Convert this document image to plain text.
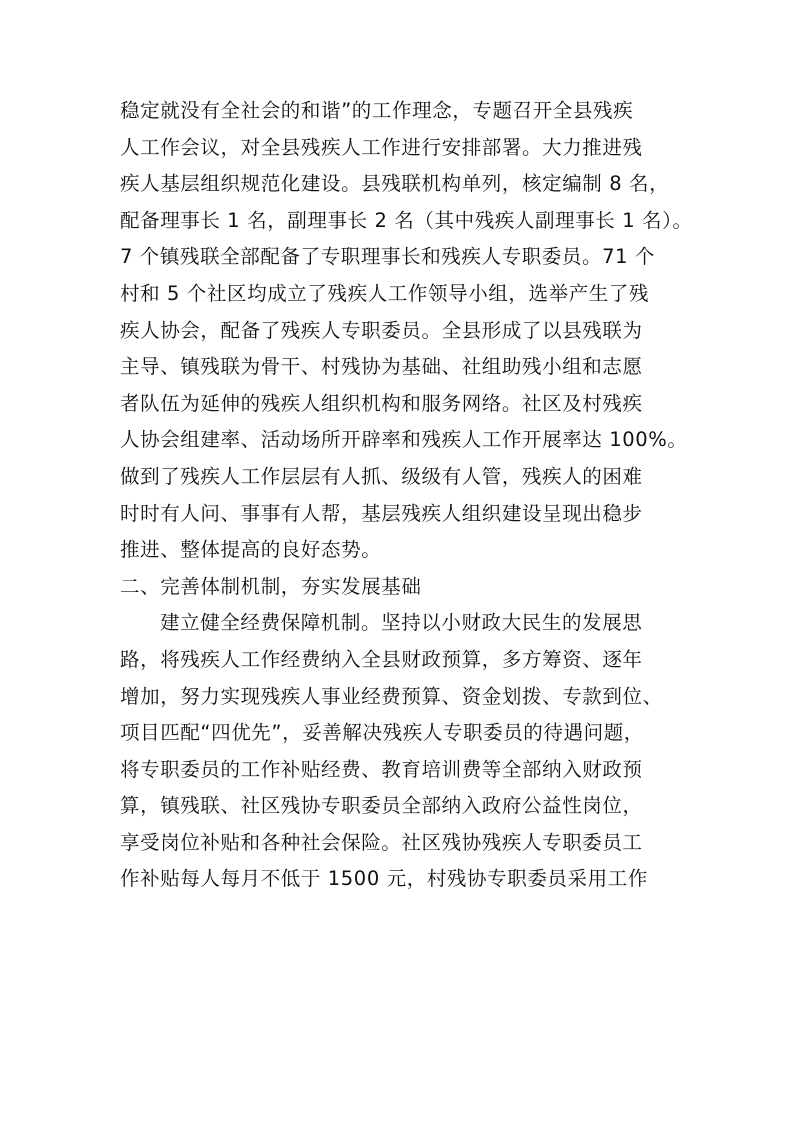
稳定就没有全社会的和谐”的工作理念，专题召开全县残疾
人工作会议，对全县残疾人工作进行安排部署。大力推进残
疾人基层组织规范化建设。县残联机构单列，核定编制 8 名，
配备理事长 1 名，副理事长 2 名（其中残疾人副理事长 1 名）。
7 个镇残联全部配备了专职理事长和残疾人专职委员。71 个
村和 5 个社区均成立了残疾人工作领导小组，选举产生了残
疾人协会，配备了残疾人专职委员。全县形成了以县残联为
主导、镇残联为骨干、村残协为基础、社组助残小组和志愿
者队伍为延伸的残疾人组织机构和服务网络。社区及村残疾
人协会组建率、活动场所开辟率和残疾人工作开展率达 100%。
做到了残疾人工作层层有人抓、级级有人管，残疾人的困难
时时有人问、事事有人帮，基层残疾人组织建设呈现出稳步
推进、整体提高的良好态势。
二、完善体制机制，夯实发展基础
建立健全经费保障机制。坚持以小财政大民生的发展思
路，将残疾人工作经费纳入全县财政预算，多方筹资、逐年
增加，努力实现残疾人事业经费预算、资金划拨、专款到位、
项目匹配“四优先”，妥善解决残疾人专职委员的待遇问题，
将专职委员的工作补贴经费、教育培训费等全部纳入财政预
算，镇残联、社区残协专职委员全部纳入政府公益性岗位，
享受岗位补贴和各种社会保险。社区残协残疾人专职委员工
作补贴每人每月不低于 1500 元，村残协专职委员采用工作
